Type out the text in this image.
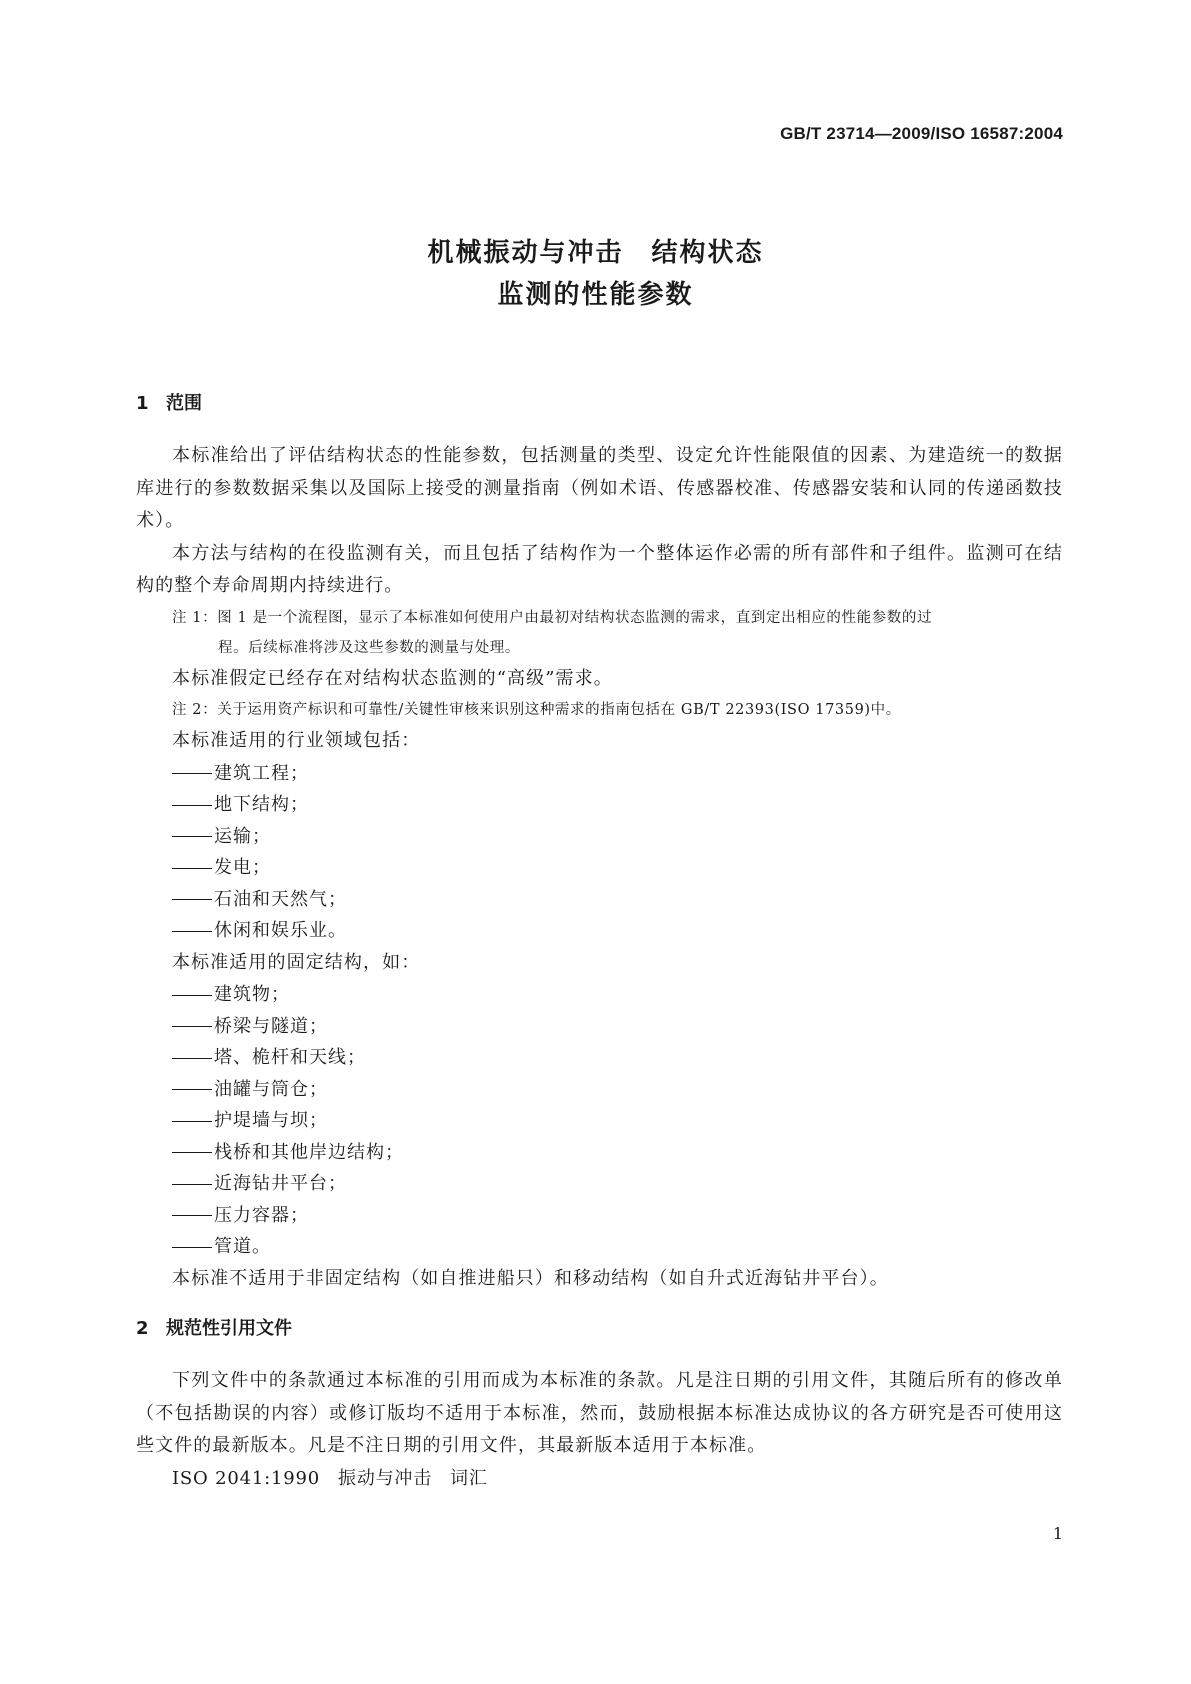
GB/T 23714—2009/ISO 16587:2004
机械振动与冲击　结构状态
监测的性能参数
1 范围
本标准给出了评估结构状态的性能参数，包括测量的类型、设定允许性能限值的因素、为建造统一的数据库进行的参数数据采集以及国际上接受的测量指南（例如术语、传感器校准、传感器安装和认同的传递函数技术）。
本方法与结构的在役监测有关，而且包括了结构作为一个整体运作必需的所有部件和子组件。监测可在结构的整个寿命周期内持续进行。
注 1：图 1 是一个流程图，显示了本标准如何使用户由最初对结构状态监测的需求，直到定出相应的性能参数的过
程。后续标准将涉及这些参数的测量与处理。
本标准假定已经存在对结构状态监测的“高级”需求。
注 2：关于运用资产标识和可靠性/关键性审核来识别这种需求的指南包括在 GB/T 22393(ISO 17359)中。
本标准适用的行业领域包括：
建筑工程；
地下结构；
运输；
发电；
石油和天然气；
休闲和娱乐业。
本标准适用的固定结构，如：
建筑物；
桥梁与隧道；
塔、桅杆和天线；
油罐与筒仓；
护堤墙与坝；
栈桥和其他岸边结构；
近海钻井平台；
压力容器；
管道。
本标准不适用于非固定结构（如自推进船只）和移动结构（如自升式近海钻井平台）。
2 规范性引用文件
下列文件中的条款通过本标准的引用而成为本标准的条款。凡是注日期的引用文件，其随后所有的修改单（不包括勘误的内容）或修订版均不适用于本标准，然而，鼓励根据本标准达成协议的各方研究是否可使用这些文件的最新版本。凡是不注日期的引用文件，其最新版本适用于本标准。
ISO 2041:1990 振动与冲击 词汇
1
